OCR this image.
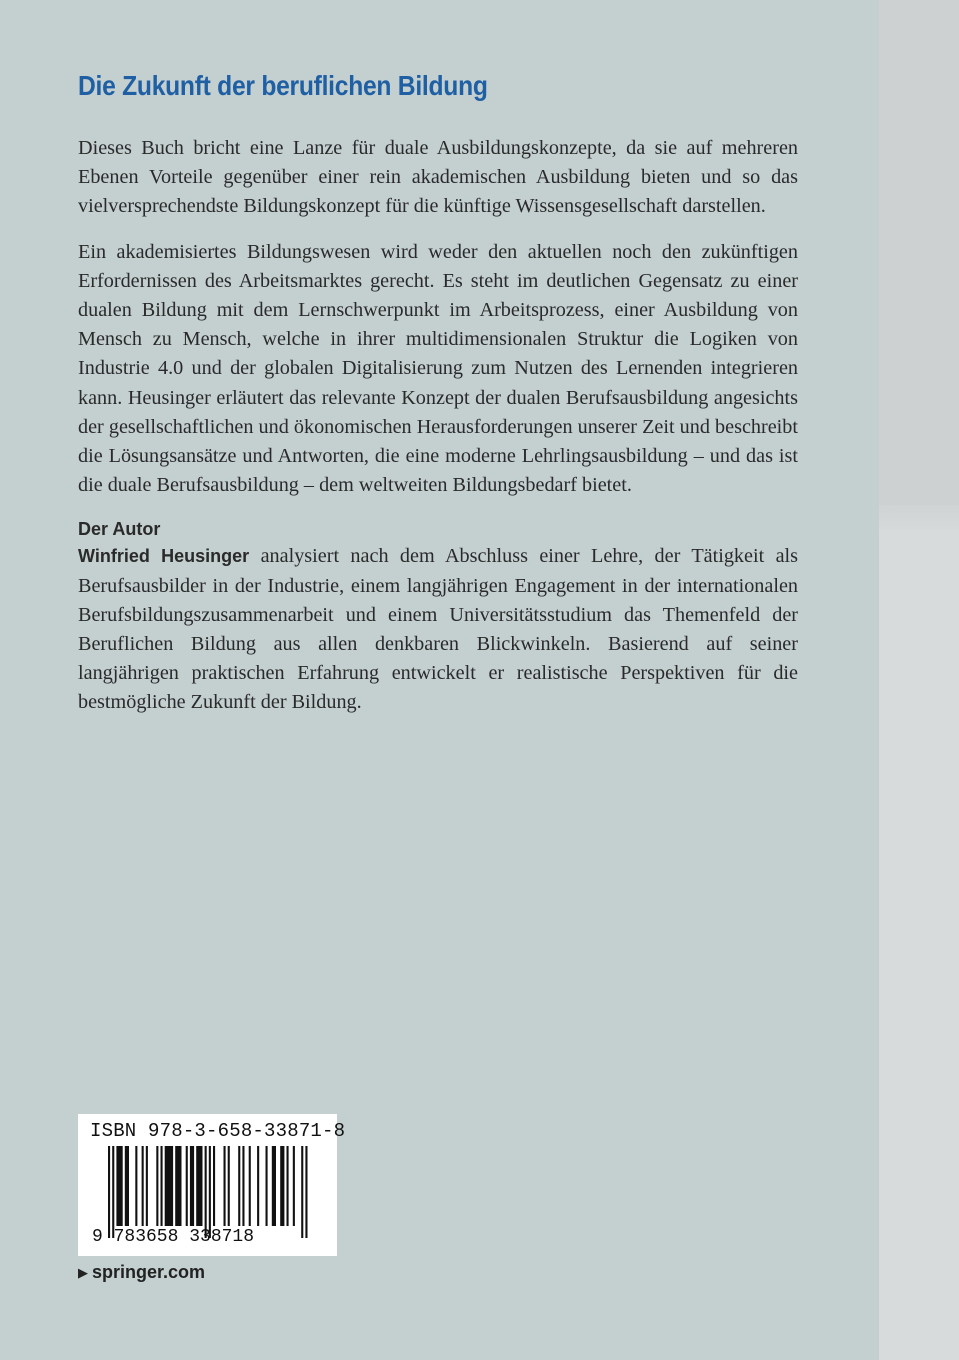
Die Zukunft der beruflichen Bildung

Dieses Buch bricht eine Lanze für duale Ausbildungskonzepte, da sie auf mehreren Ebenen Vorteile gegenüber einer rein akademischen Ausbildung bieten und so das vielversprechendste Bildungskonzept für die künftige Wissensgesellschaft darstellen.

Ein akademisiertes Bildungswesen wird weder den aktuellen noch den zukünftigen Erfordernissen des Arbeitsmarktes gerecht. Es steht im deutlichen Gegensatz zu einer dualen Bildung mit dem Lernschwerpunkt im Arbeitsprozess, einer Ausbildung von Mensch zu Mensch, welche in ihrer multidimensionalen Struktur die Logiken von Industrie 4.0 und der globalen Digitalisierung zum Nutzen des Lernenden integrieren kann. Heusinger erläutert das relevante Konzept der dualen Berufsausbildung angesichts der gesellschaftlichen und ökonomischen Herausforderungen unserer Zeit und beschreibt die Lösungsansätze und Antworten, die eine moderne Lehrlingsausbildung – und das ist die duale Berufsausbildung – dem weltweiten Bildungsbedarf bietet.

Der Autor

Winfried Heusinger analysiert nach dem Abschluss einer Lehre, der Tätigkeit als Berufsausbilder in der Industrie, einem langjährigen Engagement in der internationalen Berufsbildungszusammenarbeit und einem Universitätsstudium das Themenfeld der Beruflichen Bildung aus allen denkbaren Blickwinkeln. Basierend auf seiner langjährigen praktischen Erfahrung entwickelt er realistische Perspektiven für die bestmögliche Zukunft der Bildung.

ISBN 978-3-658-33871-8
9 783658 338718
▶ springer.com
